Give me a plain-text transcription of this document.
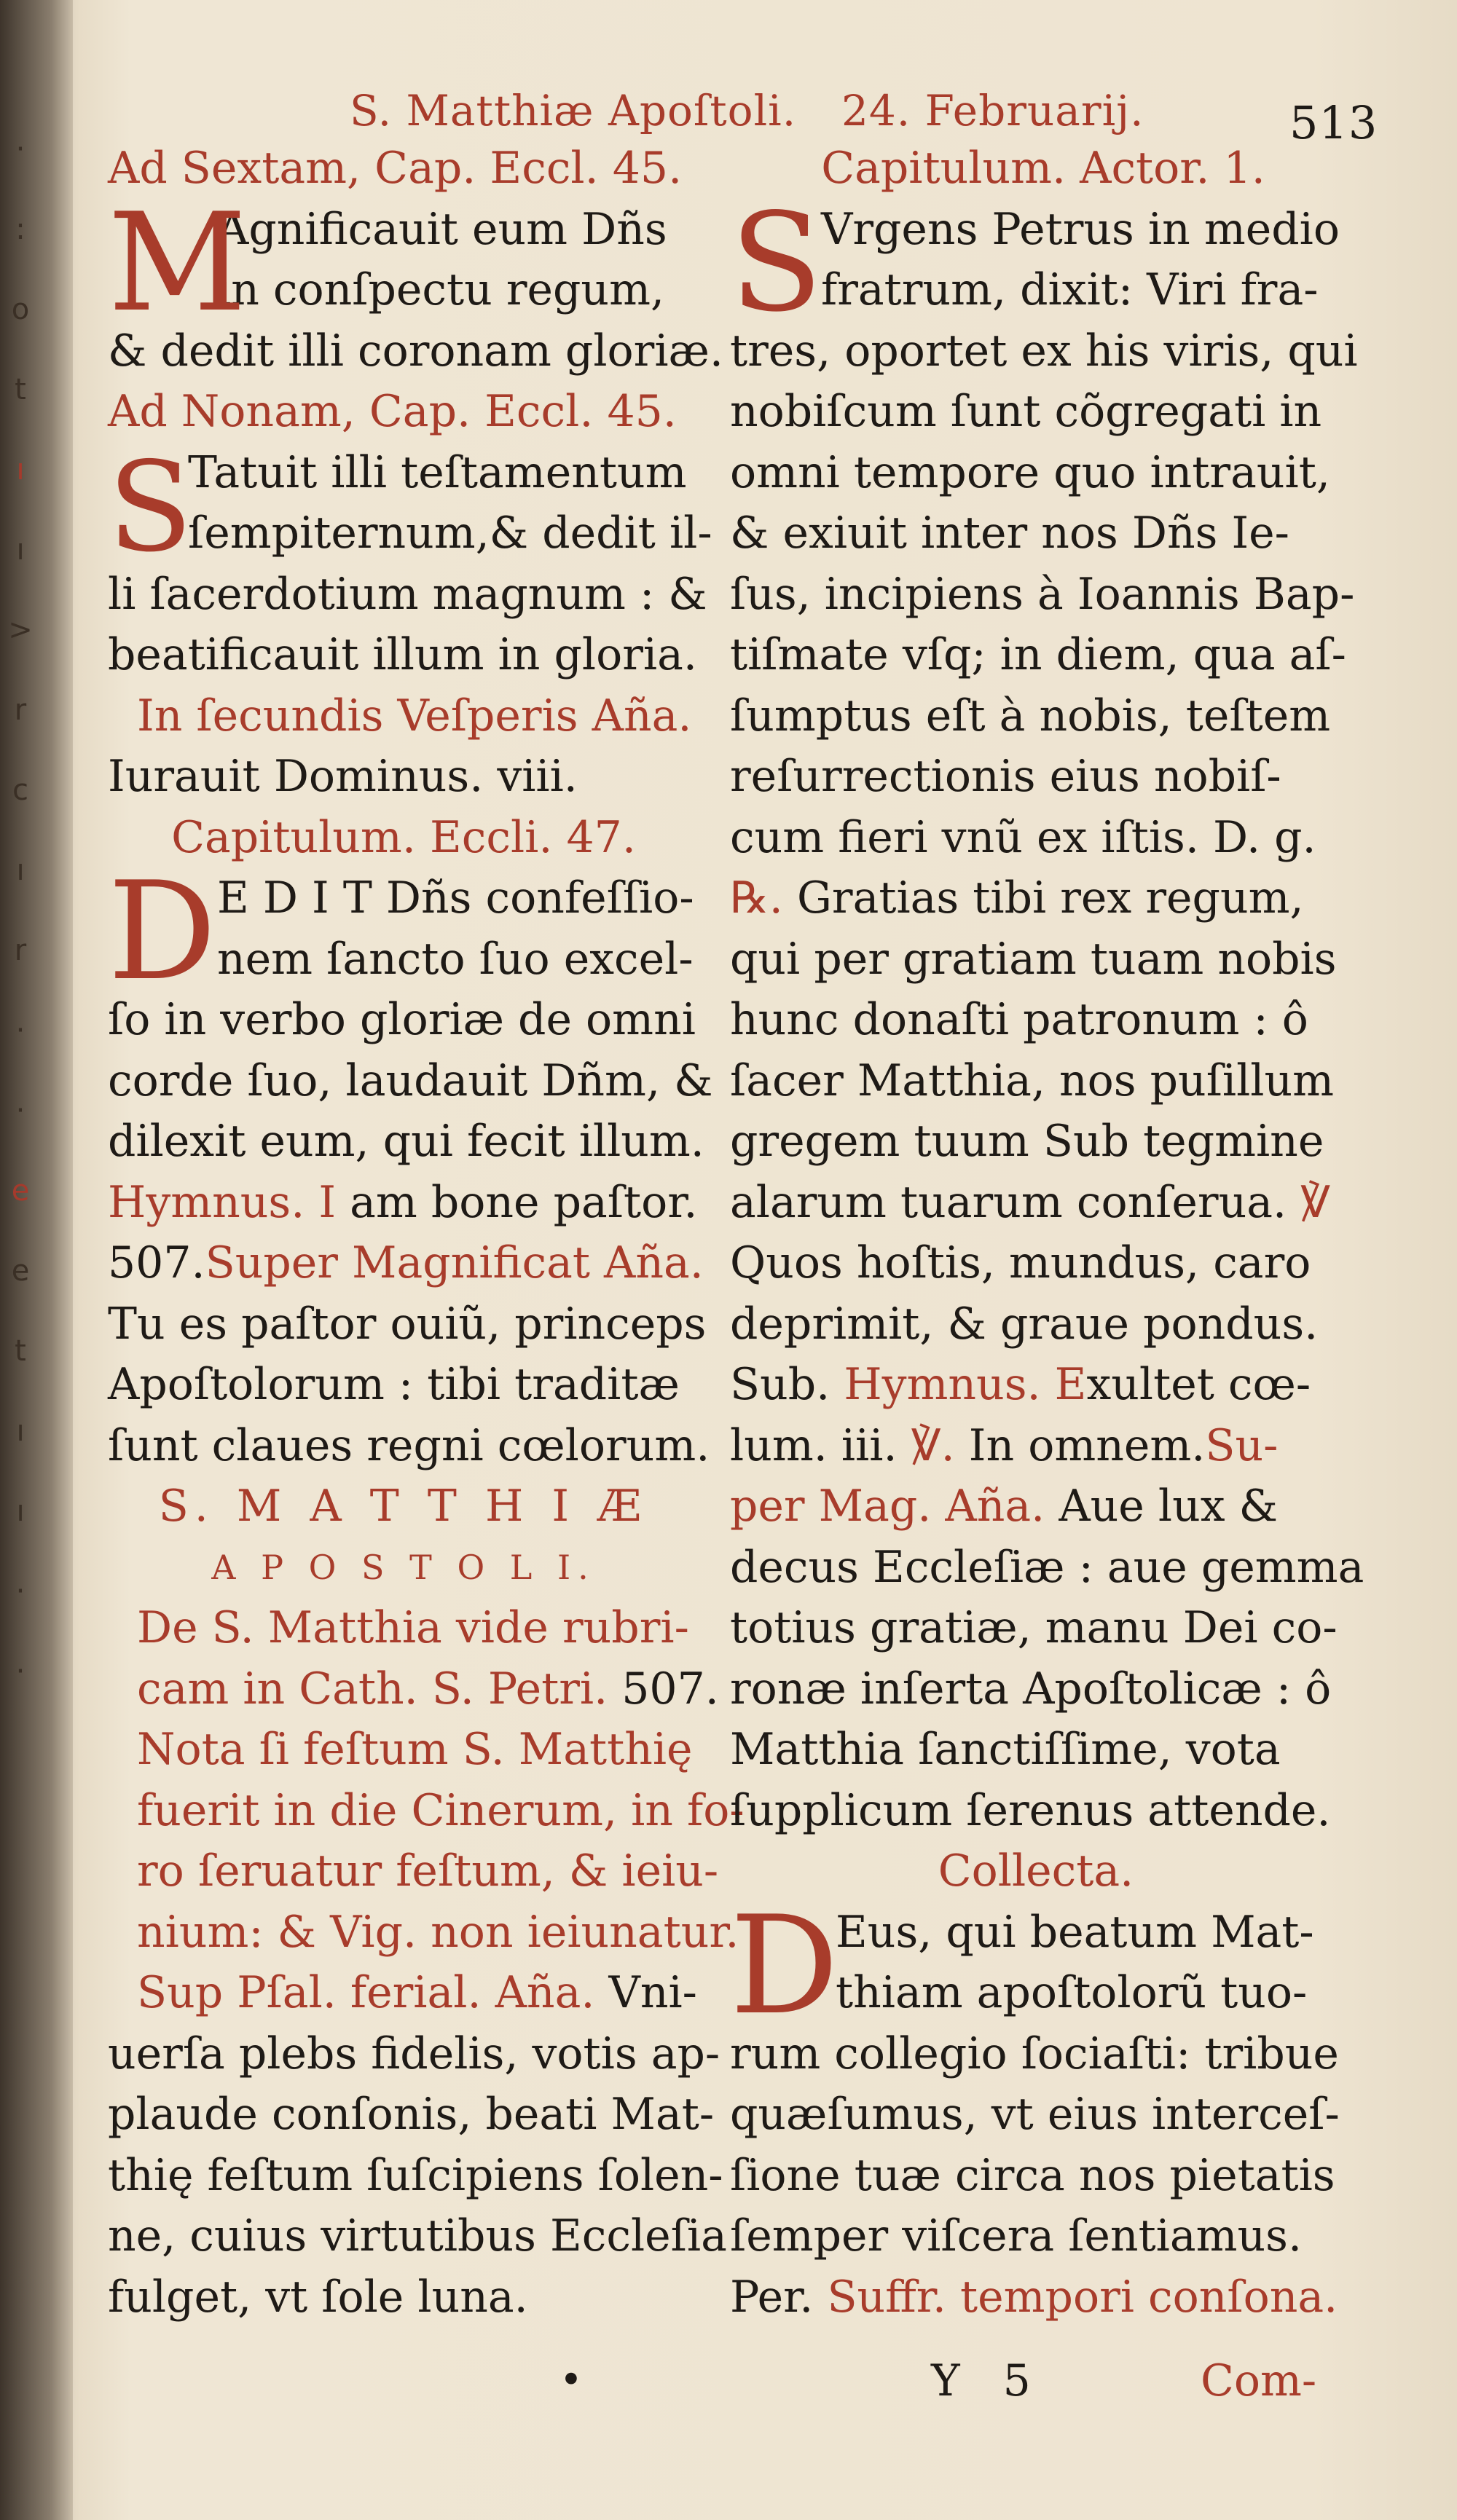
·
:
o
t
ı
ı
>
r
c
ı
r
·
·
e
e
t
ı
ı
·
·
S. Matthiæ Apoſtoli. 24. Februarij.	513
Ad Sextam, Cap. Eccl. 45.
M
Agnificauit eum Dñs
in conſpectu regum,
& dedit illi coronam gloriæ.
Ad Nonam, Cap. Eccl. 45.
S
Tatuit illi teſtamentum
ſempiternum,& dedit il-
li ſacerdotium magnum : &
beatificauit illum in gloria.
In ſecundis Veſperis Aña.
Iurauit Dominus. viii.
Capitulum. Eccli. 47.
D E D I T Dñs confeſſio-
nem ſancto ſuo excel-
ſo in verbo gloriæ de omni
corde ſuo, laudauit Dñm, &
dilexit eum, qui fecit illum.
Hymnus. I am bone paſtor.
507.Super Magnificat Aña.
Tu es paſtor ouiũ, princeps
Apoſtolorum : tibi traditæ
ſunt claues regni cœlorum.
S. M A T T H I Æ
A P O S T O L I.
De S. Matthia vide rubri-
cam in Cath. S. Petri. 507.
Nota ſi feſtum S. Matthię
fuerit in die Cinerum, in fo-
ro ſeruatur feſtum, & ieiu-
nium: & Vig. non ieiunatur.
Sup Pſal. ferial. Aña. Vni-
uerſa plebs fidelis, votis ap-
plaude conſonis, beati Mat-
thię feſtum ſuſcipiens ſolen-
ne, cuius virtutibus Eccleſia
fulget, vt ſole luna.
Capitulum. Actor. 1.
S
Vrgens Petrus in medio
fratrum, dixit: Viri fra-
tres, oportet ex his viris, qui
nobiſcum ſunt cõgregati in
omni tempore quo intrauit,
& exiuit inter nos Dñs Ie-
ſus, incipiens à Ioannis Bap-
tiſmate vſq; in diem, qua aſ-
ſumptus eſt à nobis, teſtem
reſurrectionis eius nobiſ-
cum fieri vnũ ex iſtis. D. g.
℞. Gratias tibi rex regum,
qui per gratiam tuam nobis
hunc donaſti patronum : ô
ſacer Matthia, nos puſillum
gregem tuum Sub tegmine
alarum tuarum conſerua. ℣
Quos hoſtis, mundus, caro
deprimit, & graue pondus.
Sub. Hymnus. Exultet cœ-
lum. iii. ℣. In omnem.Su-
per Mag. Aña. Aue lux &
decus Eccleſiæ : aue gemma
totius gratiæ, manu Dei co-
ronæ inſerta Apoſtolicæ : ô
Matthia ſanctiſſime, vota
ſupplicum ſerenus attende.
Collecta.
D
Eus, qui beatum Mat-
thiam apoſtolorũ tuo-
rum collegio ſociaſti: tribue
quæſumus, vt eius interceſ-
ſione tuæ circa nos pietatis
ſemper viſcera ſentiamus.
Per. Suffr. tempori conſona.
•	Y 5	Com-
